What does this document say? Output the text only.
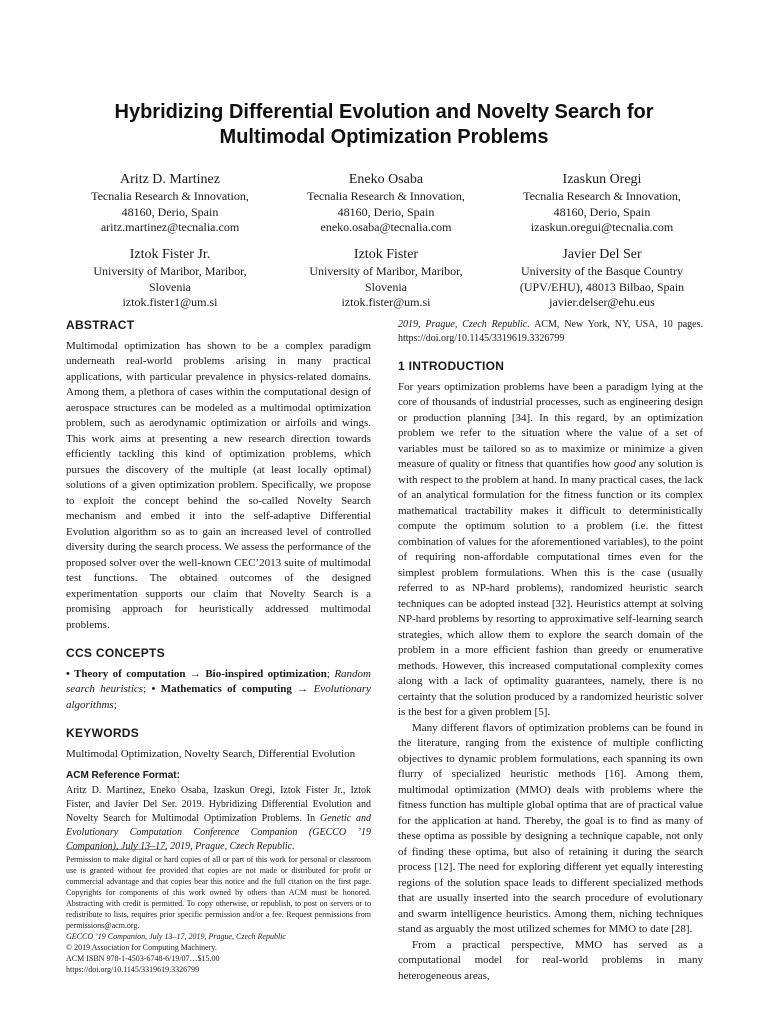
Hybridizing Differential Evolution and Novelty Search for
Multimodal Optimization Problems
Aritz D. Martinez
Tecnalia Research & Innovation,
48160, Derio, Spain
aritz.martinez@tecnalia.com
Eneko Osaba
Tecnalia Research & Innovation,
48160, Derio, Spain
eneko.osaba@tecnalia.com
Izaskun Oregi
Tecnalia Research & Innovation,
48160, Derio, Spain
izaskun.oregui@tecnalia.com
Iztok Fister Jr.
University of Maribor, Maribor,
Slovenia
iztok.fister1@um.si
Iztok Fister
University of Maribor, Maribor,
Slovenia
iztok.fister@um.si
Javier Del Ser
University of the Basque Country
(UPV/EHU), 48013 Bilbao, Spain
javier.delser@ehu.eus
ABSTRACT

Multimodal optimization has shown to be a complex paradigm underneath real-world problems arising in many practical applications, with particular prevalence in physics-related domains. Among them, a plethora of cases within the computational design of aerospace structures can be modeled as a multimodal optimization problem, such as aerodynamic optimization or airfoils and wings. This work aims at presenting a new research direction towards efficiently tackling this kind of optimization problems, which pursues the discovery of the multiple (at least locally optimal) solutions of a given optimization problem. Specifically, we propose to exploit the concept behind the so-called Novelty Search mechanism and embed it into the self-adaptive Differential Evolution algorithm so as to gain an increased level of controlled diversity during the search process. We assess the performance of the proposed solver over the well-known CEC’2013 suite of multimodal test functions. The obtained outcomes of the designed experimentation supports our claim that Novelty Search is a promising approach for heuristically addressed multimodal problems.

CCS CONCEPTS

• Theory of computation → Bio-inspired optimization; Random search heuristics; • Mathematics of computing → Evolutionary algorithms;

KEYWORDS

Multimodal Optimization, Novelty Search, Differential Evolution

ACM Reference Format:

Aritz D. Martinez, Eneko Osaba, Izaskun Oregi, Iztok Fister Jr., Iztok Fister, and Javier Del Ser. 2019. Hybridizing Differential Evolution and Novelty Search for Multimodal Optimization Problems. In Genetic and Evolutionary Computation Conference Companion (GECCO ’19 Companion), July 13–17, 2019, Prague, Czech Republic.

Permission to make digital or hard copies of all or part of this work for personal or classroom use is granted without fee provided that copies are not made or distributed for profit or commercial advantage and that copies bear this notice and the full citation on the first page. Copyrights for components of this work owned by others than ACM must be honored. Abstracting with credit is permitted. To copy otherwise, or republish, to post on servers or to redistribute to lists, requires prior specific permission and/or a fee. Request permissions from permissions@acm.org.

GECCO ’19 Companion, July 13–17, 2019, Prague, Czech Republic
© 2019 Association for Computing Machinery.
ACM ISBN 978-1-4503-6748-6/19/07…$15.00
https://doi.org/10.1145/3319619.3326799

2019, Prague, Czech Republic. ACM, New York, NY, USA, 10 pages. https://doi.org/10.1145/3319619.3326799

1 INTRODUCTION

For years optimization problems have been a paradigm lying at the core of thousands of industrial processes, such as engineering design or production planning [34]. In this regard, by an optimization problem we refer to the situation where the value of a set of variables must be tailored so as to maximize or minimize a given measure of quality or fitness that quantifies how good any solution is with respect to the problem at hand. In many practical cases, the lack of an analytical formulation for the fitness function or its complex mathematical tractability makes it difficult to deterministically compute the optimum solution to a problem (i.e. the fittest combination of values for the aforementioned variables), to the point of requiring non-affordable computational times even for the simplest problem formulations. When this is the case (usually referred to as NP-hard problems), randomized heuristic search techniques can be adopted instead [32]. Heuristics attempt at solving NP-hard problems by resorting to approximative self-learning search strategies, which allow them to explore the search domain of the problem in a more efficient fashion than greedy or enumerative methods. However, this increased computational complexity comes along with a lack of optimality guarantees, namely, there is no certainty that the solution produced by a randomized heuristic solver is the best for a given problem [5].

Many different flavors of optimization problems can be found in the literature, ranging from the existence of multiple conflicting objectives to dynamic problem formulations, each spanning its own flurry of specialized heuristic methods [16]. Among them, multimodal optimization (MMO) deals with problems where the fitness function has multiple global optima that are of practical value for the application at hand. Thereby, the goal is to find as many of these optima as possible by designing a technique capable, not only of finding these optima, but also of retaining it during the search process [12]. The need for exploring different yet equally interesting regions of the solution space leads to different specialized methods that are usually inserted into the search procedure of evolutionary and swarm intelligence heuristics. Among them, niching techniques stand as arguably the most utilized schemes for MMO to date [28].

From a practical perspective, MMO has served as a computational model for real-world problems in many heterogeneous areas,
